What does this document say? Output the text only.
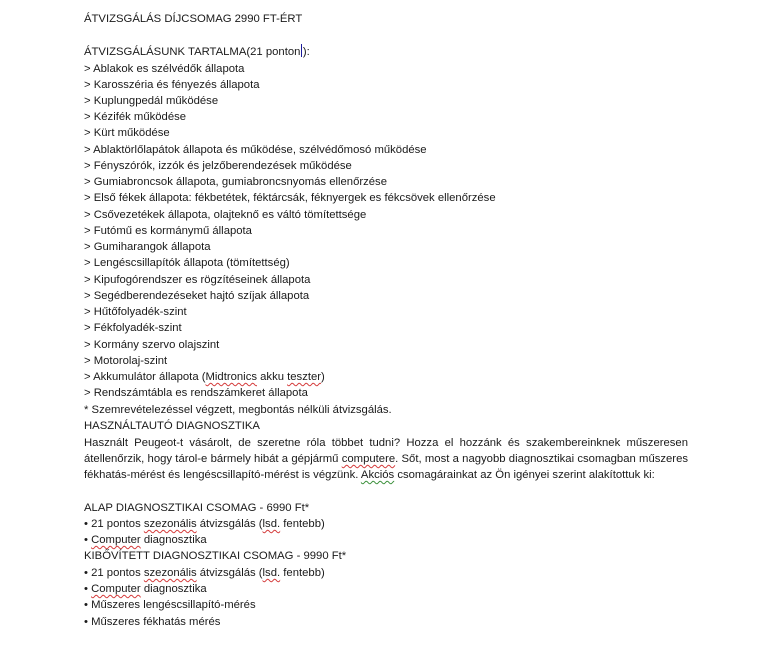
ÁTVIZSGÁLÁS DÍJCSOMAG 2990 FT-ÉRT
ÁTVIZSGÁLÁSUNK TARTALMA(21 ponton ):
> Ablakok es szélvédők állapota
> Karosszéria és fényezés állapota
> Kuplungpedál működése
> Kézifék működése
> Kürt működése
> Ablaktörlőlapátok állapota és működése, szélvédőmosó működése
> Fényszórók, izzók és jelzőberendezések működése
> Gumiabroncsok állapota, gumiabroncsnyomás ellenőrzése
> Első fékek állapota: fékbetétek, féktárcsák, féknyergek es fékcsövek ellenőrzése
> Csővezetékek állapota, olajteknő es váltó tömítettsége
> Futómű es kormánymű állapota
> Gumiharangok állapota
> Lengéscsillapítók állapota (tömítettség)
> Kipufogórendszer es rögzítéseinek állapota
> Segédberendezéseket hajtó szíjak állapota
> Hűtőfolyadék-szint
> Fékfolyadék-szint
> Kormány szervo olajszint
> Motorolaj-szint
> Akkumulátor állapota (Midtronics akku teszter)
> Rendszámtábla es rendszámkeret állapota
* Szemrevételezéssel végzett, megbontás nélküli átvizsgálás.
HASZNÁLTAUTÓ DIAGNOSZTIKA
Használt Peugeot-t vásárolt, de szeretne róla többet tudni? Hozza el hozzánk és szakembereinknek műszeresen átellenőrzik, hogy tárol-e bármely hibát a gépjármű computere. Sőt, most a nagyobb diagnosztikai csomagban műszeres fékhatás-mérést és lengéscsillapító-mérést is végzünk. Akciós csomagárainkat az Ön igényei szerint alakítottuk ki:
ALAP DIAGNOSZTIKAI CSOMAG - 6990 Ft*
• 21 pontos szezonális átvizsgálás (lsd. fentebb)
• Computer diagnosztika
KIBŐVÍTETT DIAGNOSZTIKAI CSOMAG - 9990 Ft*
• 21 pontos szezonális átvizsgálás (lsd. fentebb)
• Computer diagnosztika
• Műszeres lengéscsillapító-mérés
• Műszeres fékhatás mérés
